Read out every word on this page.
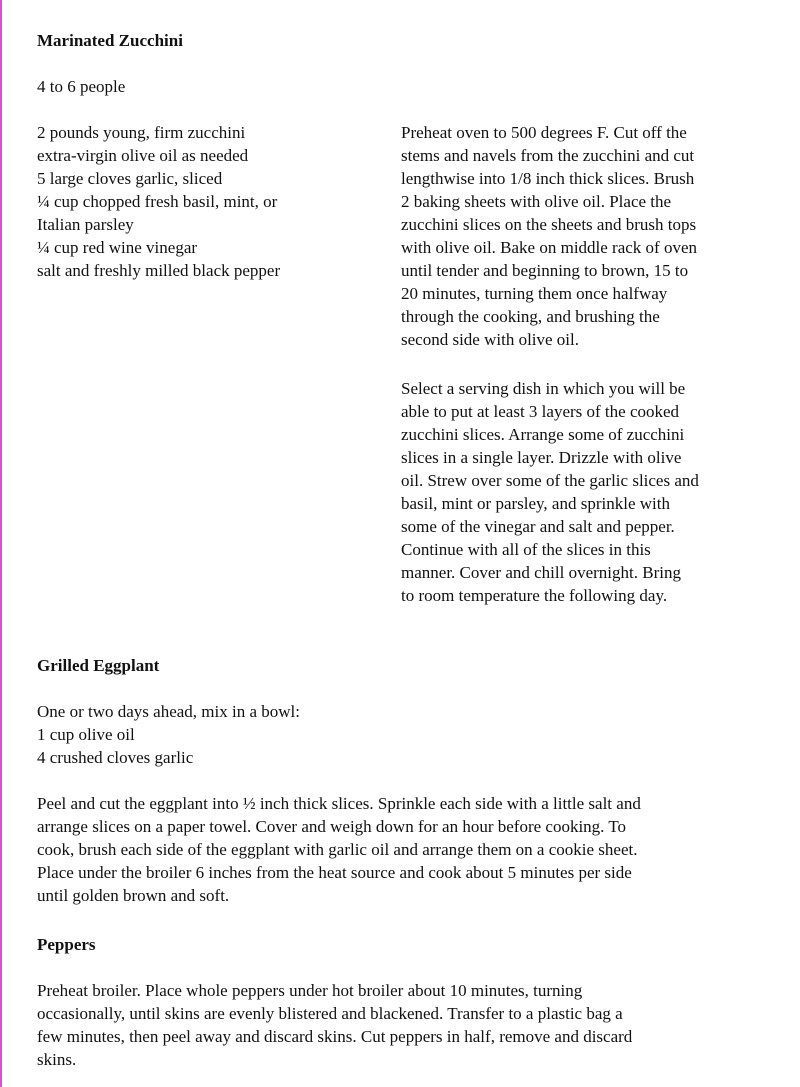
Marinated Zucchini
4 to 6 people
2 pounds young, firm zucchini
extra-virgin olive oil as needed
5 large cloves garlic, sliced
¼ cup chopped fresh basil, mint, or
Italian parsley
¼ cup red wine vinegar
salt and freshly milled black pepper
Preheat oven to 500 degrees F. Cut off the
stems and navels from the zucchini and cut
lengthwise into 1/8 inch thick slices. Brush
2 baking sheets with olive oil. Place the
zucchini slices on the sheets and brush tops
with olive oil. Bake on middle rack of oven
until tender and beginning to brown, 15 to
20 minutes, turning them once halfway
through the cooking, and brushing the
second side with olive oil.
Select a serving dish in which you will be
able to put at least 3 layers of the cooked
zucchini slices. Arrange some of zucchini
slices in a single layer. Drizzle with olive
oil. Strew over some of the garlic slices and
basil, mint or parsley, and sprinkle with
some of the vinegar and salt and pepper.
Continue with all of the slices in this
manner. Cover and chill overnight. Bring
to room temperature the following day.
Grilled Eggplant
One or two days ahead, mix in a bowl:
1 cup olive oil
4 crushed cloves garlic
Peel and cut the eggplant into ½ inch thick slices. Sprinkle each side with a little salt and
arrange slices on a paper towel. Cover and weigh down for an hour before cooking. To
cook, brush each side of the eggplant with garlic oil and arrange them on a cookie sheet.
Place under the broiler 6 inches from the heat source and cook about 5 minutes per side
until golden brown and soft.
Peppers
Preheat broiler. Place whole peppers under hot broiler about 10 minutes, turning
occasionally, until skins are evenly blistered and blackened. Transfer to a plastic bag a
few minutes, then peel away and discard skins. Cut peppers in half, remove and discard
skins.
